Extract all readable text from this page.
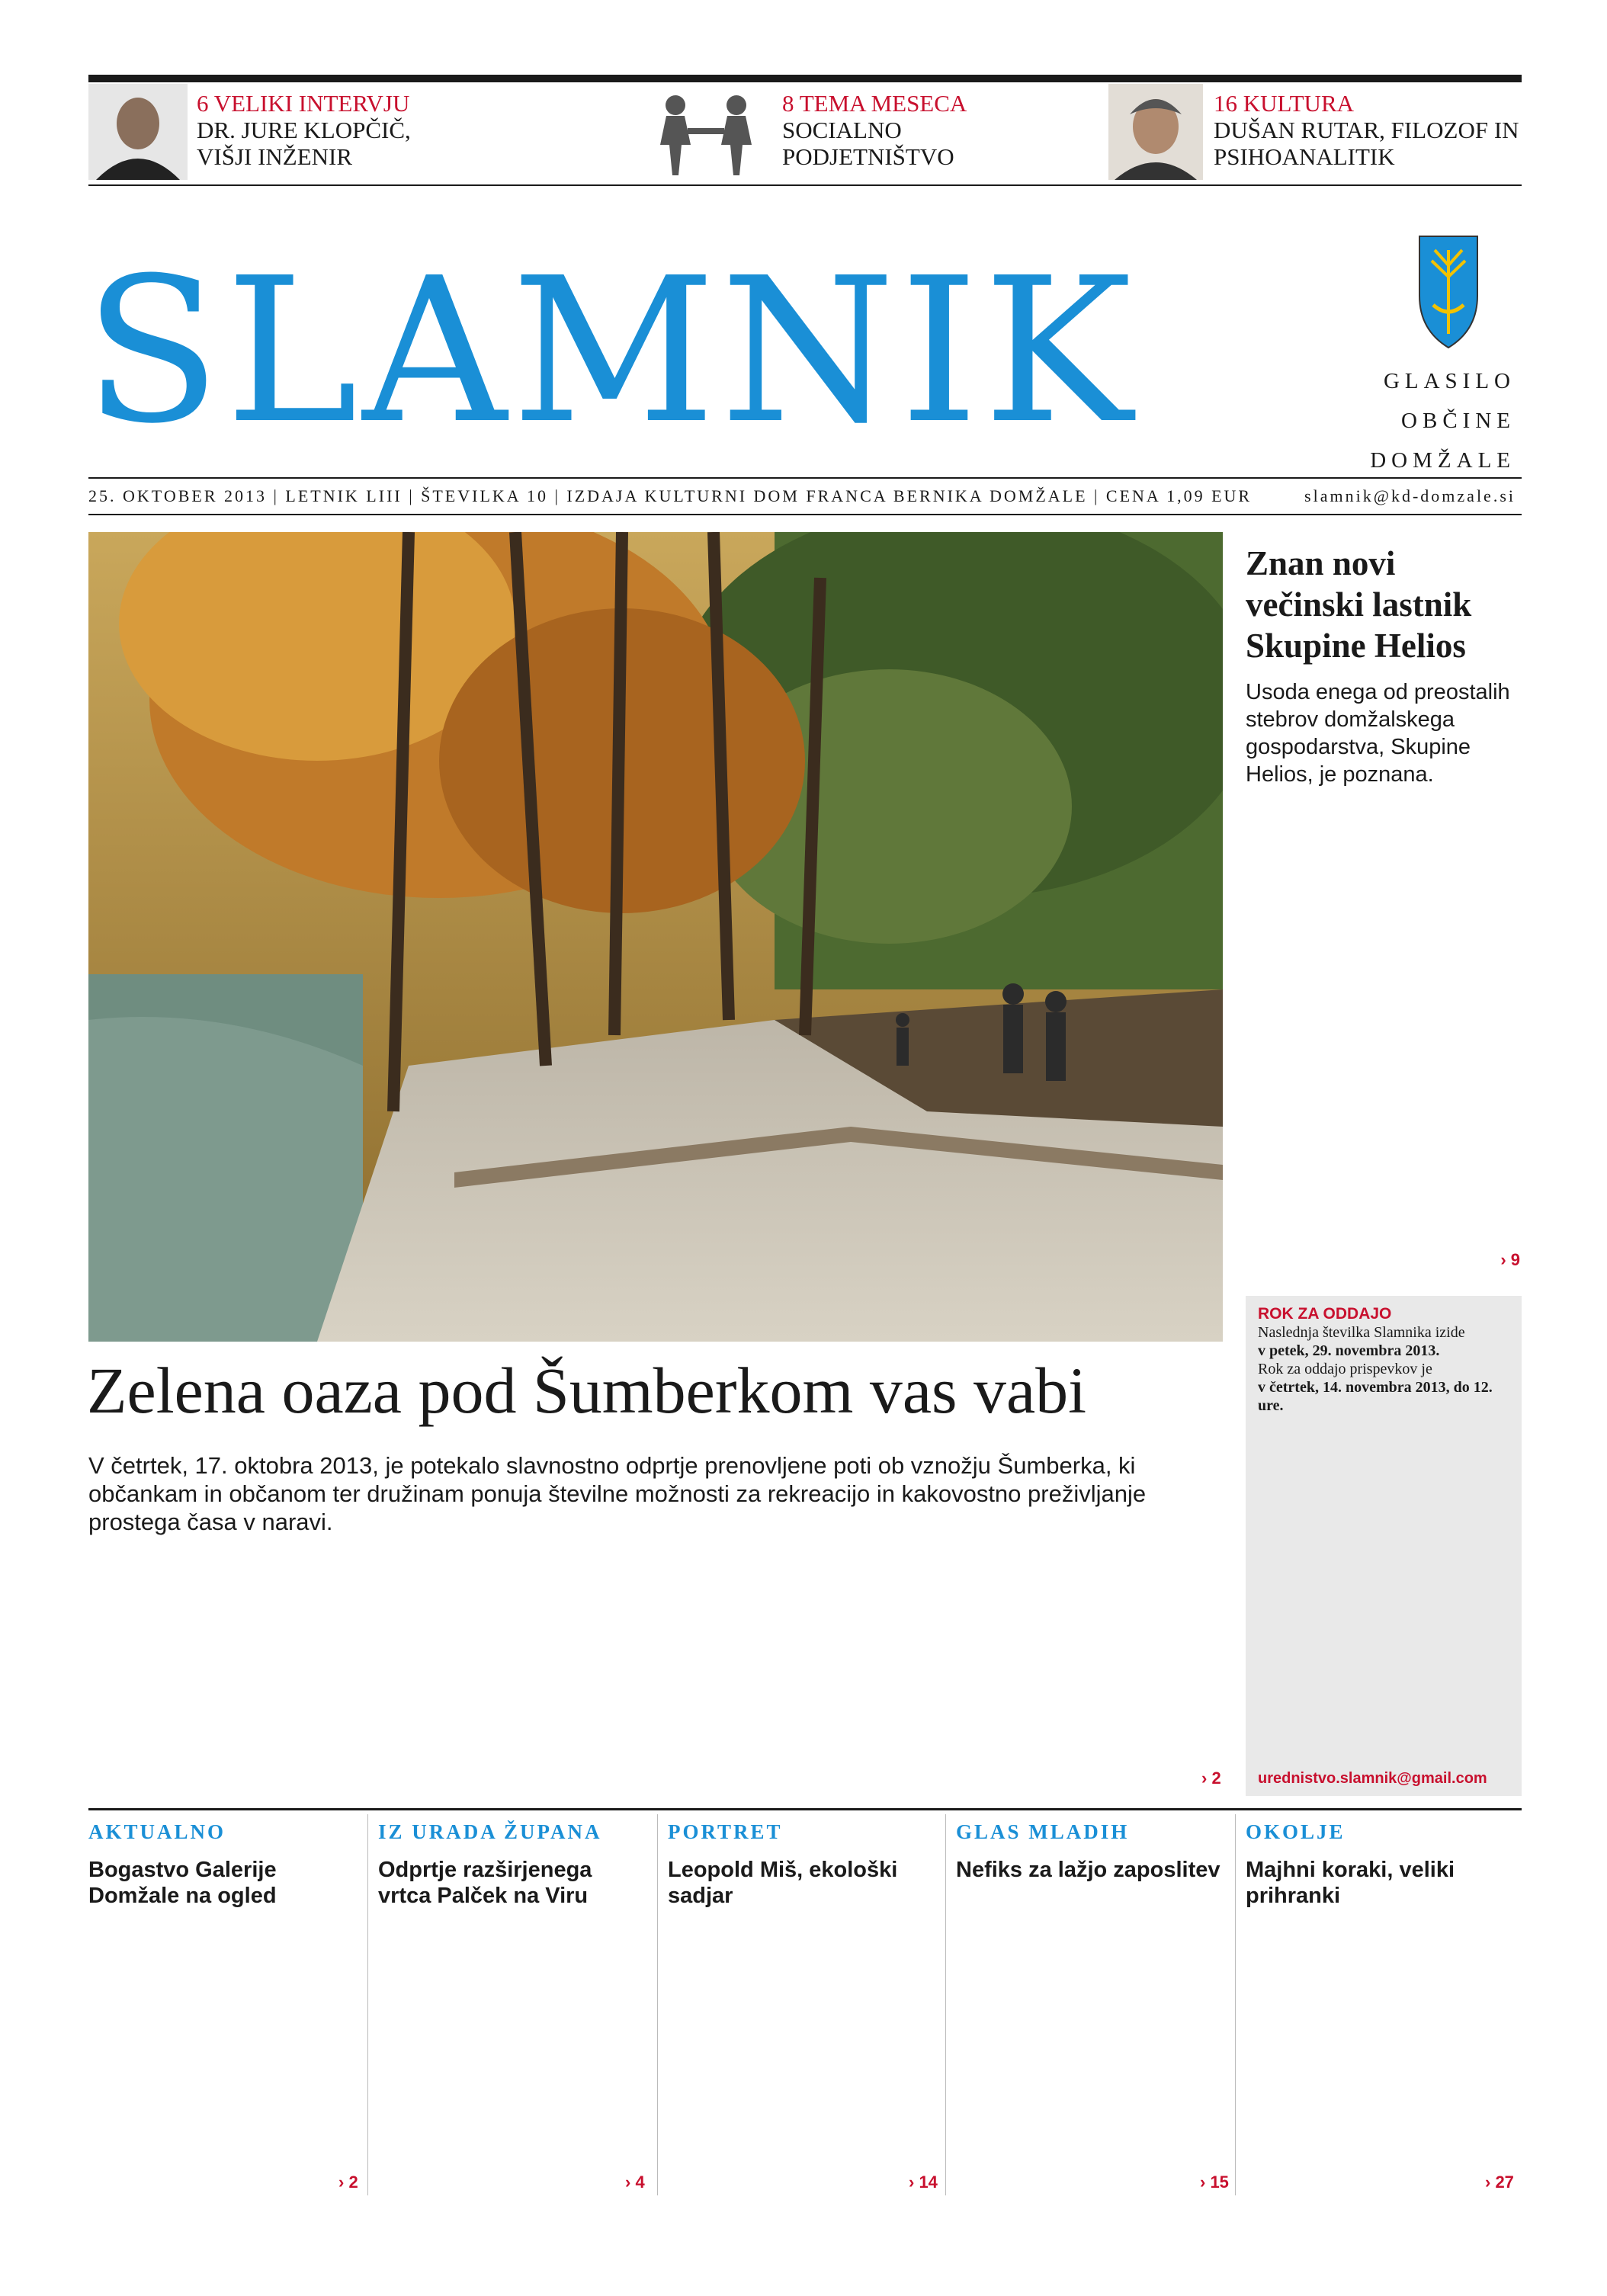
6 VELIKI INTERVJU
DR. JURE KLOPČIČ,
VIŠJI INŽENIR
8 TEMA MESECA
SOCIALNO
PODJETNIŠTVO
16 KULTURA
DUŠAN RUTAR, FILOZOF IN
PSIHOANALITIK
SLAMNIK	GLASILO
OBČINE
DOMŽALE
25. OKTOBER 2013 | LETNIK LIII | ŠTEVILKA 10 | IZDAJA KULTURNI DOM FRANCA BERNIKA DOMŽALE | CENA 1,09 EUR	slamnik@kd-domzale.si
Znan novi večinski lastnik Skupine Helios
Usoda enega od preostalih stebrov domžalskega gospodarstva, Skupine Helios, je poznana.
› 9
ROK ZA ODDAJO
Naslednja številka Slamnika izide
v petek, 29. novembra 2013.
Rok za oddajo prispevkov je
v četrtek, 14. novembra 2013, do 12. ure.
urednistvo.slamnik@gmail.com
Zelena oaza pod Šumberkom vas vabi
V četrtek, 17. oktobra 2013, je potekalo slavnostno odprtje prenovljene poti ob vznožju Šumberka, ki občankam in občanom ter družinam ponuja številne možnosti za rekreacijo in kakovostno preživljanje prostega časa v naravi.
› 2
AKTUALNO
Bogastvo Galerije Domžale na ogled
› 2
IZ URADA ŽUPANA
Odprtje razširjenega vrtca Palček na Viru
› 4
PORTRET
Leopold Miš, ekološki sadjar
› 14
GLAS MLADIH
Nefiks za lažjo zaposlitev
› 15
OKOLJE
Majhni koraki, veliki prihranki
› 27
